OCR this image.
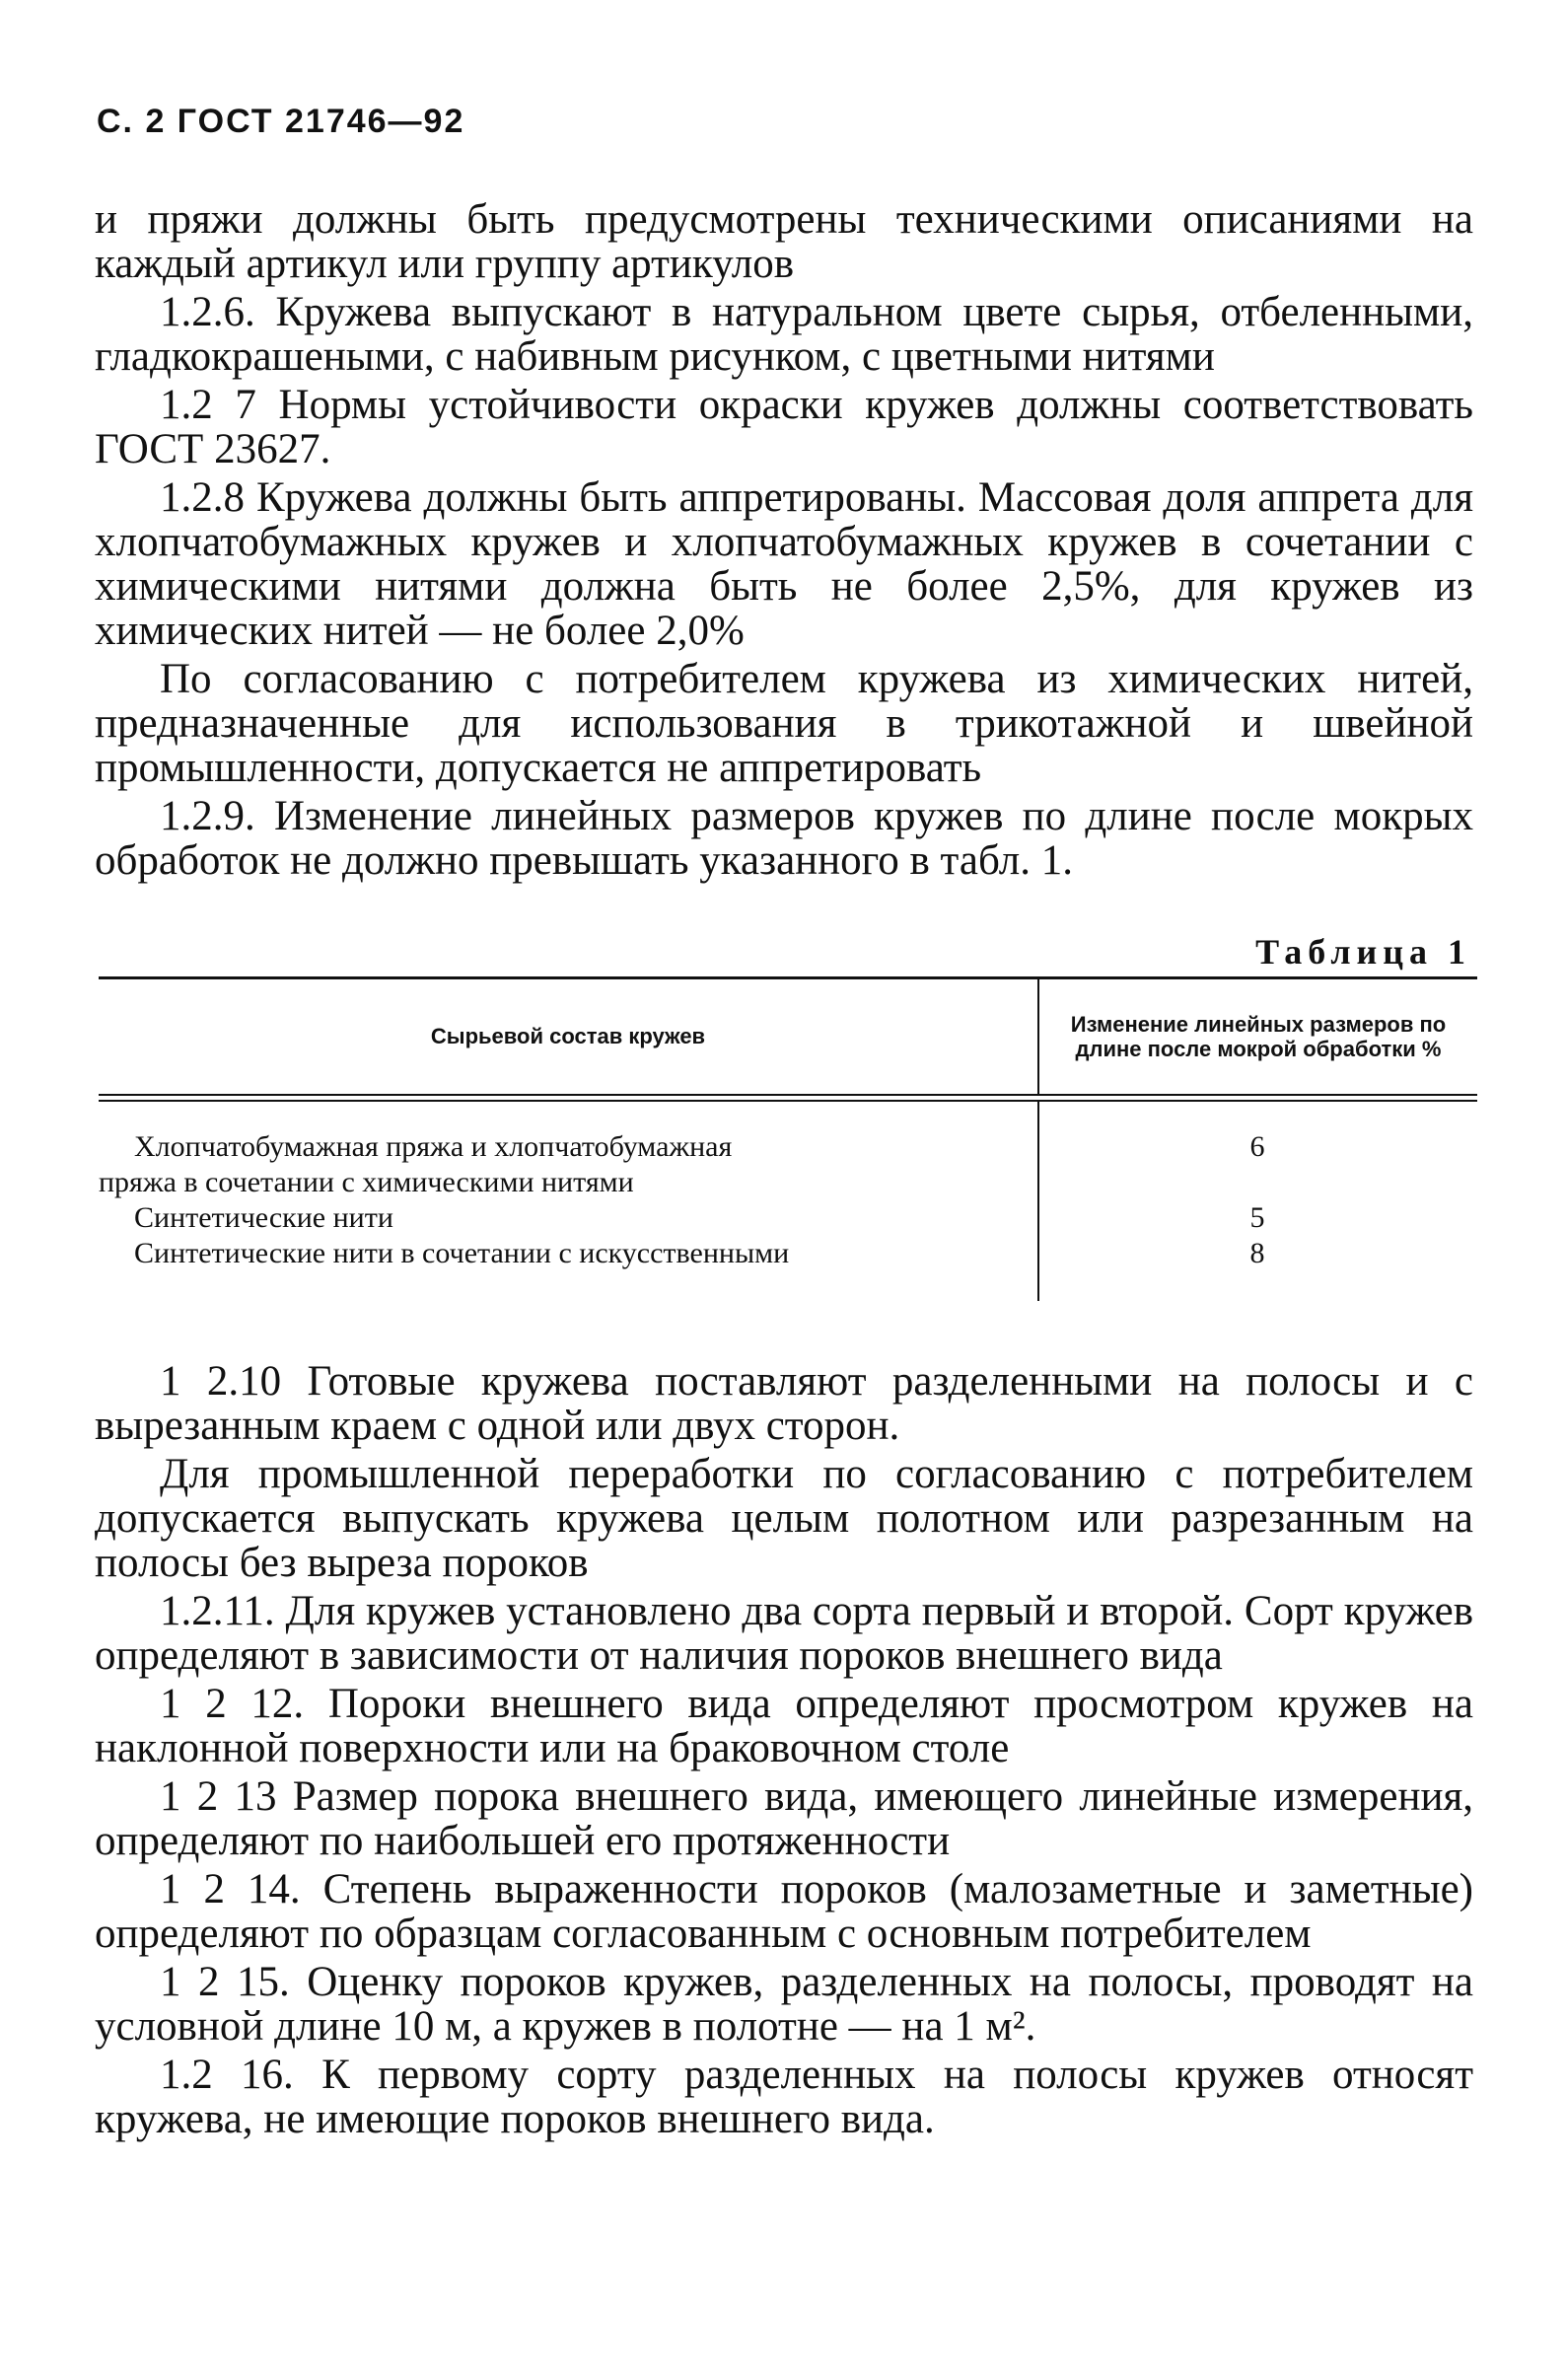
С. 2 ГОСТ 21746—92

и пряжи должны быть предусмотрены техническими описаниями на каждый артикул или группу артикулов

1.2.6. Кружева выпускают в натуральном цвете сырья, отбеленными, гладкокрашеными, с набивным рисунком, с цветными нитями

1.2 7 Нормы устойчивости окраски кружев должны соответствовать ГОСТ 23627.

1.2.8 Кружева должны быть аппретированы. Массовая доля аппрета для хлопчатобумажных кружев и хлопчатобумажных кружев в сочетании с химическими нитями должна быть не более 2,5%, для кружев из химических нитей — не более 2,0%

По согласованию с потребителем кружева из химических нитей, предназначенные для использования в трикотажной и швейной промышленности, допускается не аппретировать

1.2.9. Изменение линейных размеров кружев по длине после мокрых обработок не должно превышать указанного в табл. 1.

Таблица 1
Сырьевой состав кружев	Изменение линейных размеров по длине после мокрой обработки %
Хлопчатобумажная пряжа и хлопчатобумажная	6
пряжа в сочетании с химическими нитями
Синтетические нити	5
Синтетические нити в сочетании с искусственными	8

1 2.10 Готовые кружева поставляют разделенными на полосы и с вырезанным краем с одной или двух сторон.

Для промышленной переработки по согласованию с потребителем допускается выпускать кружева целым полотном или разрезанным на полосы без выреза пороков

1.2.11. Для кружев установлено два сорта первый и второй. Сорт кружев определяют в зависимости от наличия пороков внешнего вида

1 2 12. Пороки внешнего вида определяют просмотром кружев на наклонной поверхности или на браковочном столе

1 2 13 Размер порока внешнего вида, имеющего линейные измерения, определяют по наибольшей его протяженности

1 2 14. Степень выраженности пороков (малозаметные и заметные) определяют по образцам согласованным с основным потребителем

1 2 15. Оценку пороков кружев, разделенных на полосы, проводят на условной длине 10 м, а кружев в полотне — на 1 м².

1.2 16. К первому сорту разделенных на полосы кружев относят кружева, не имеющие пороков внешнего вида.
